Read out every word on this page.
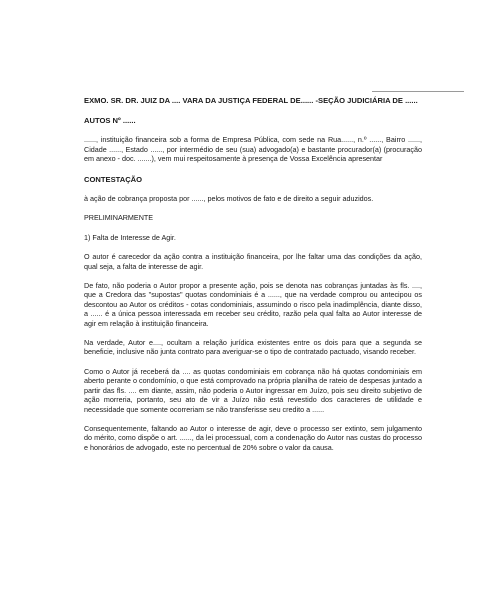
EXMO. SR. DR. JUIZ DA .... VARA DA JUSTIÇA FEDERAL DE...... -SEÇÃO JUDICIÁRIA DE ......

AUTOS Nº ......

......, instituição financeira sob a forma de Empresa Pública, com sede na Rua......, n.º ......, Bairro ......, Cidade ......, Estado ......, por intermédio de seu (sua) advogado(a) e bastante procurador(a) (procuração em anexo - doc. .......), vem mui respeitosamente à presença de Vossa Excelência apresentar

CONTESTAÇÃO

à ação de cobrança proposta por ......, pelos motivos de fato e de direito a seguir aduzidos.

PRELIMINARMENTE

1) Falta de Interesse de Agir.

O autor é carecedor da ação contra a instituição financeira, por lhe faltar uma das condições da ação, qual seja, a falta de interesse de agir.

De fato, não poderia o Autor propor a presente ação, pois se denota nas cobranças juntadas às fls. ...., que a Credora das "supostas" quotas condominiais é a ......, que na verdade comprou ou antecipou os descontou ao Autor os créditos - cotas condominiais, assumindo o risco pela inadimplência, diante disso, a ...... é a única pessoa interessada em receber seu crédito, razão pela qual falta ao Autor interesse de agir em relação à instituição financeira.

Na verdade, Autor e...., ocultam a relação jurídica existentes entre os dois para que a segunda se beneficie, inclusive não junta contrato para averiguar-se o tipo de contratado pactuado, visando receber.

Como o Autor já receberá da .... as quotas condominiais em cobrança não há quotas condominiais em aberto perante o condomínio, o que está comprovado na própria planilha de rateio de despesas juntado a partir das fls. .... em diante, assim, não poderia o Autor ingressar em Juízo, pois seu direito subjetivo de ação morreria, portanto, seu ato de vir a Juízo não está revestido dos caracteres de utilidade e necessidade que somente ocorreriam se não transferisse seu credito a ......

Consequentemente, faltando ao Autor o interesse de agir, deve o processo ser extinto, sem julgamento do mérito, como dispõe o art. ......, da lei processual, com a condenação do Autor nas custas do processo e honorários de advogado, este no percentual de 20% sobre o valor da causa.
